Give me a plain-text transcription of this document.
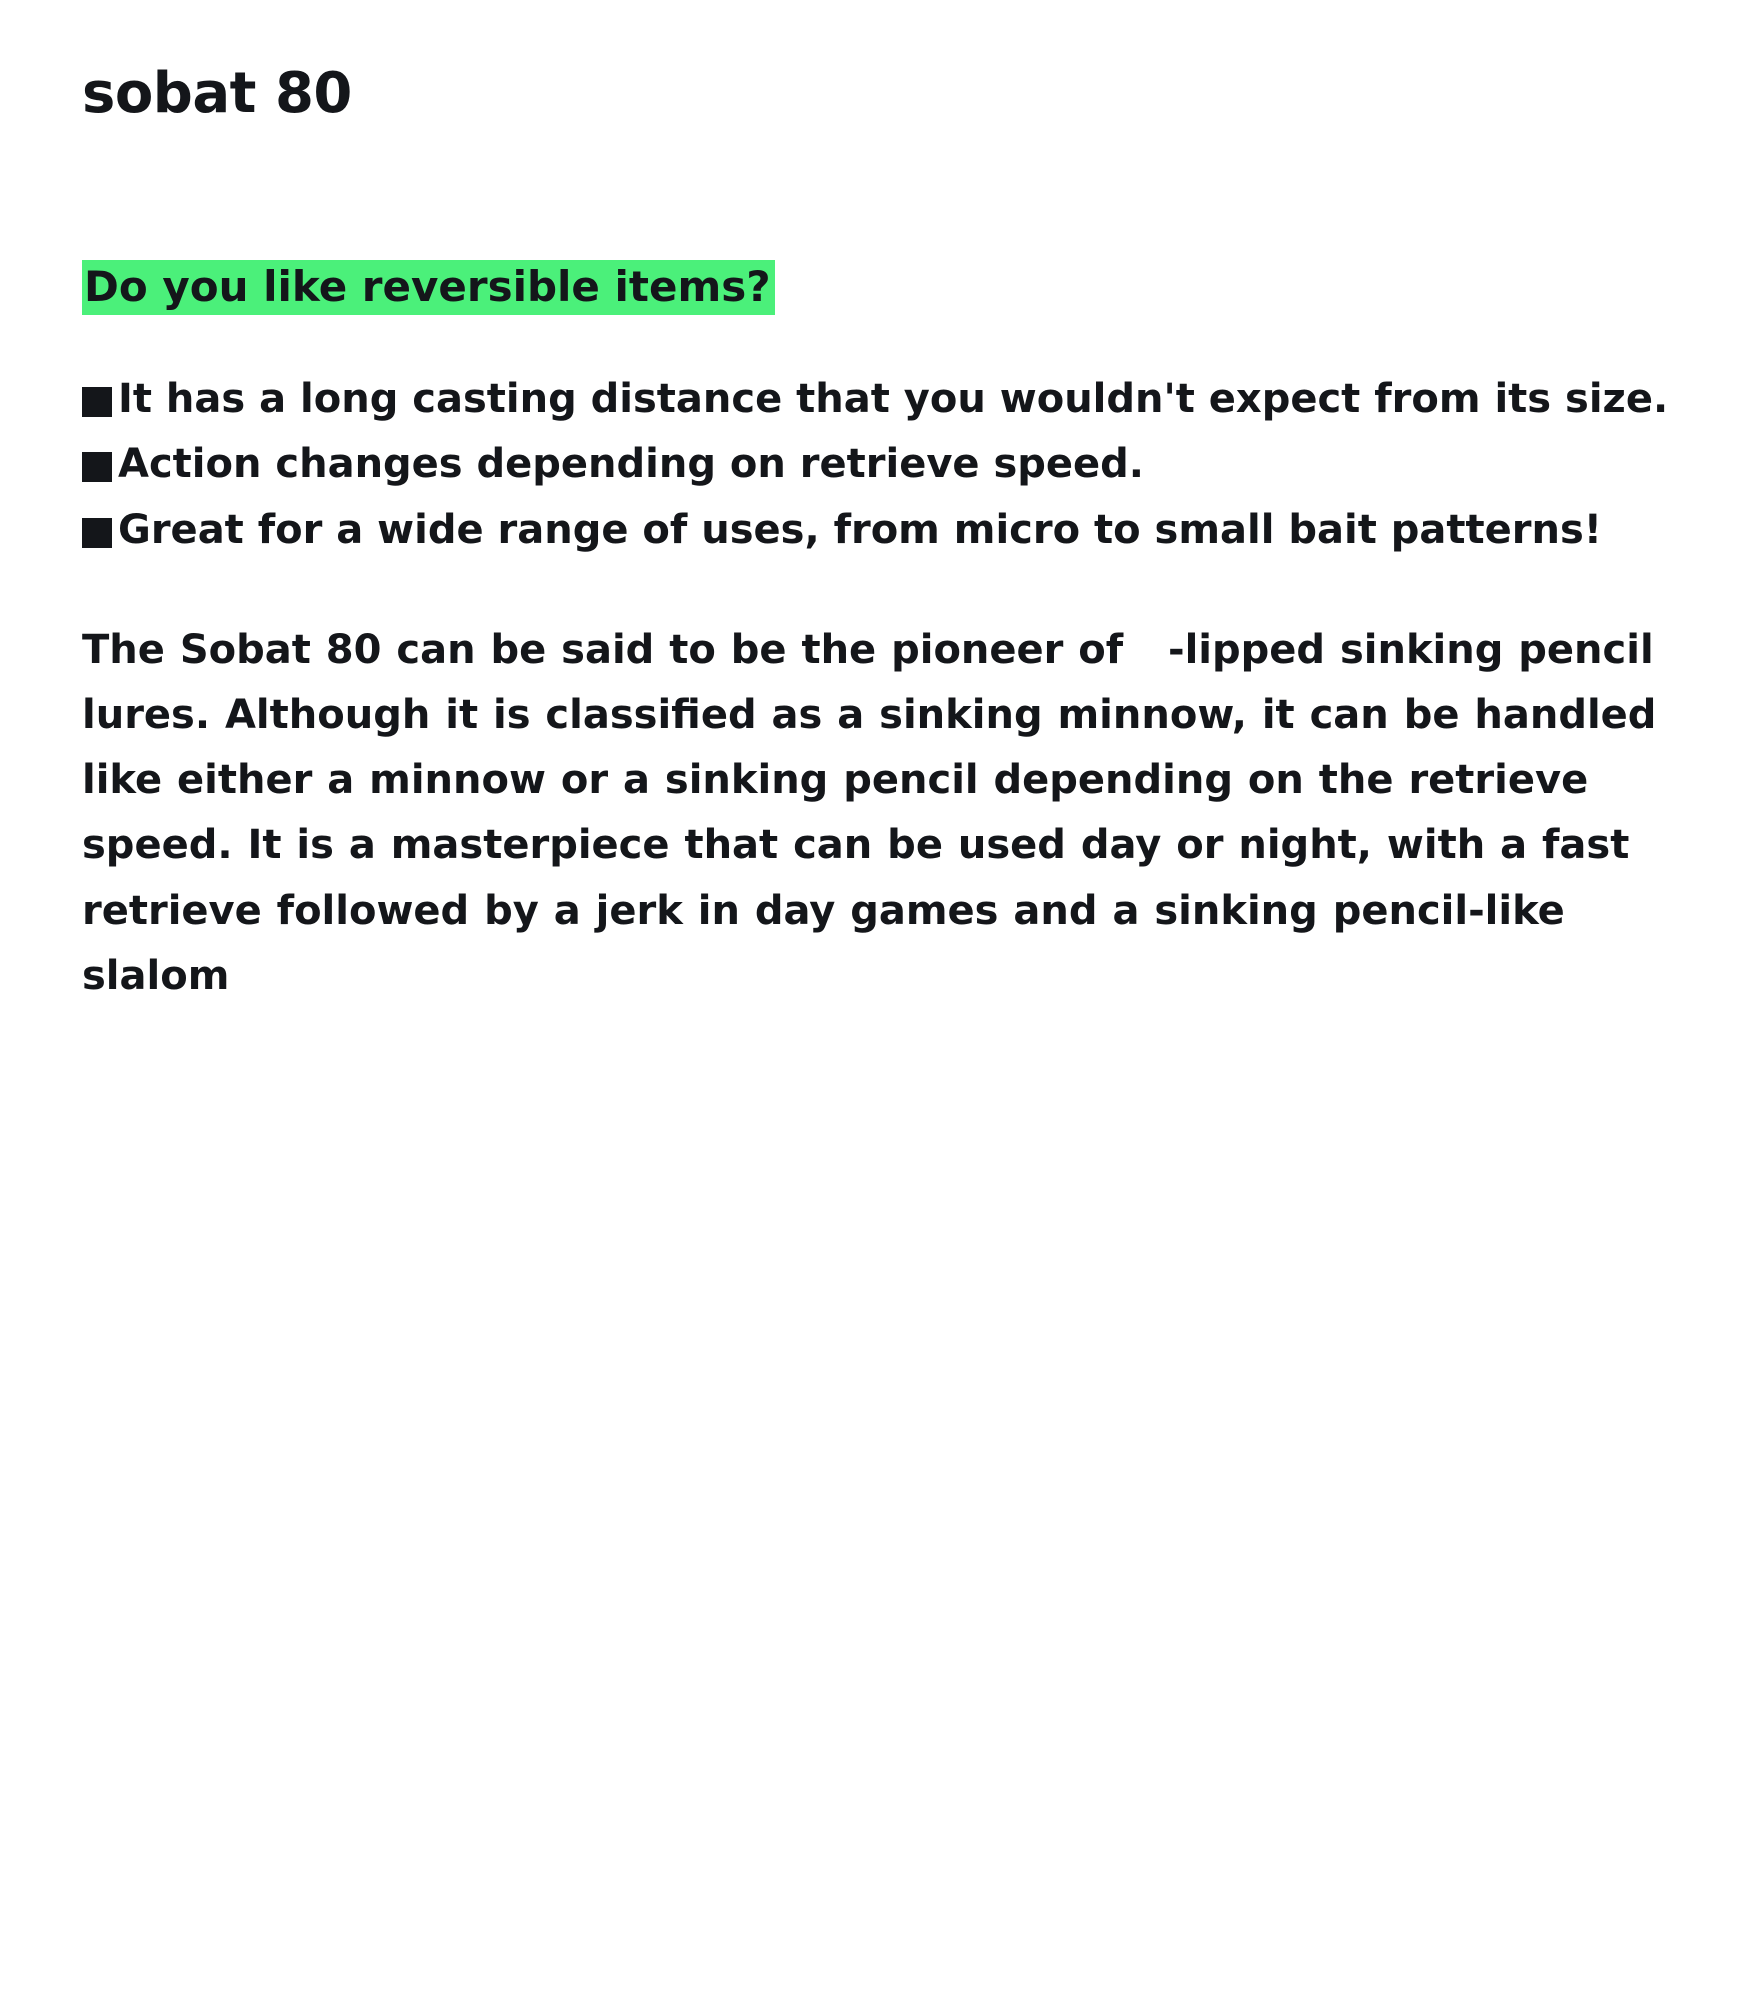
sobat 80
Do you like reversible items?
It has a long casting distance that you wouldn't expect from its size.
Action changes depending on retrieve speed.
Great for a wide range of uses, from micro to small bait patterns!

The Sobat 80 can be said to be the pioneer of   -lipped sinking pencil lures. Although it is classified as a sinking minnow, it can be handled like either a minnow or a sinking pencil depending on the retrieve speed. It is a masterpiece that can be used day or night, with a fast retrieve followed by a jerk in day games and a sinking pencil-like slalom
